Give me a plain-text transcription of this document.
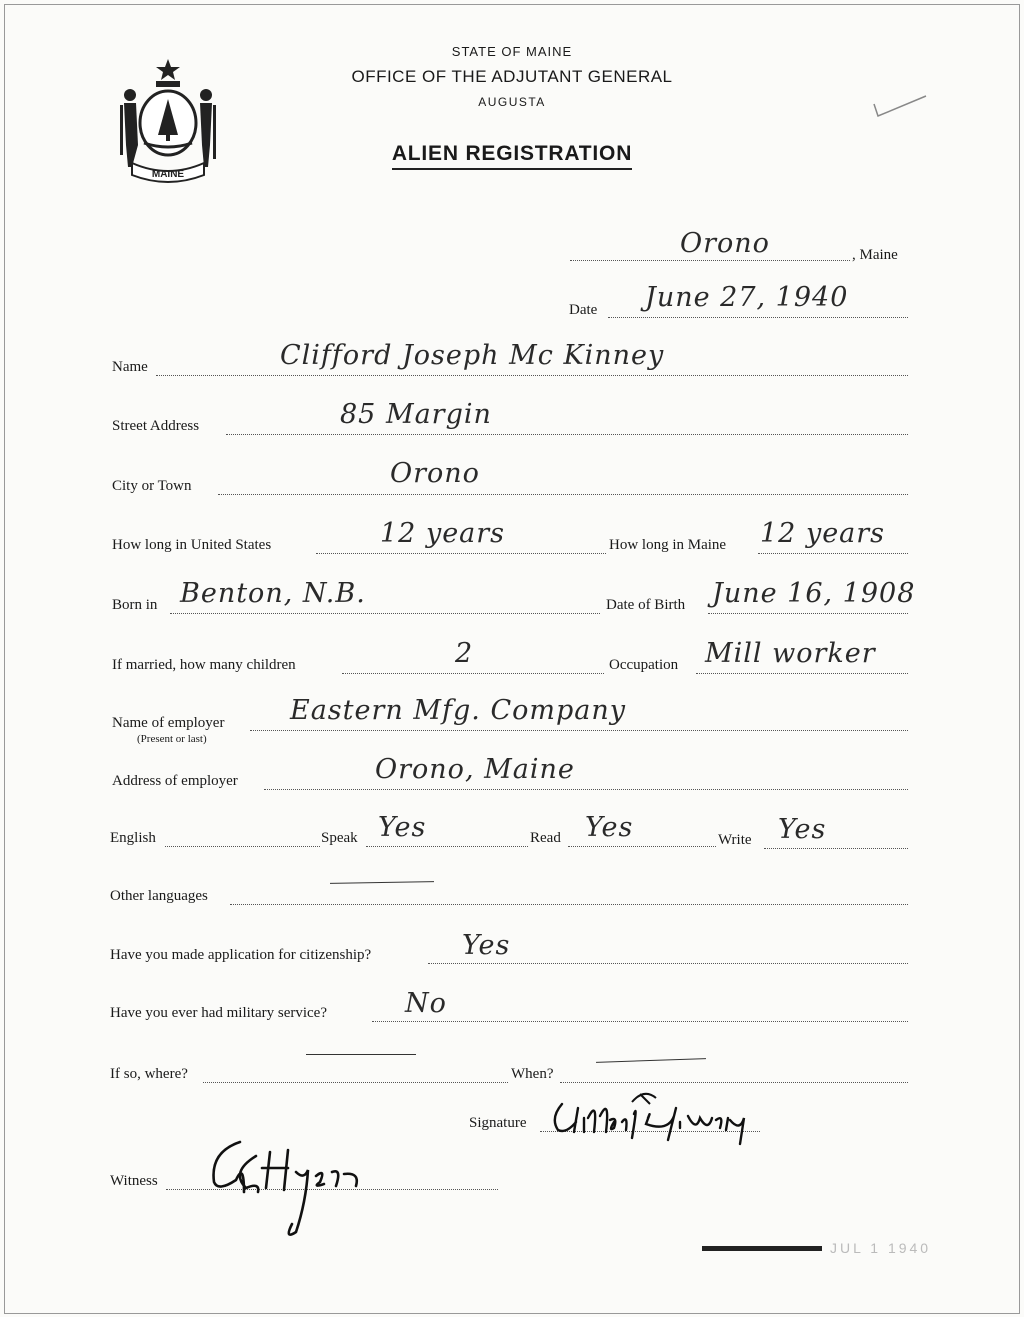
MAINE
STATE OF MAINE
OFFICE OF THE ADJUTANT GENERAL
AUGUSTA
ALIEN REGISTRATION
Orono	, Maine
Date June 27, 1940
Name	Clifford Joseph Mc Kinney
Street Address	85 Margin
City or Town	Orono
How long in United States	12 years	How long in Maine 12 years
Born in Benton, N.B.	Date of Birth June 16, 1908
If married, how many children	2	Occupation Mill worker
Name of employer
(Present or last)
Eastern Mfg. Company
Address of employer	Orono, Maine
English	Speak Yes	Read Yes	Write Yes
Other languages
Have you made application for citizenship?	Yes
Have you ever had military service?	No
If so, where?	When?
Signature
Witness
JUL 1 1940
